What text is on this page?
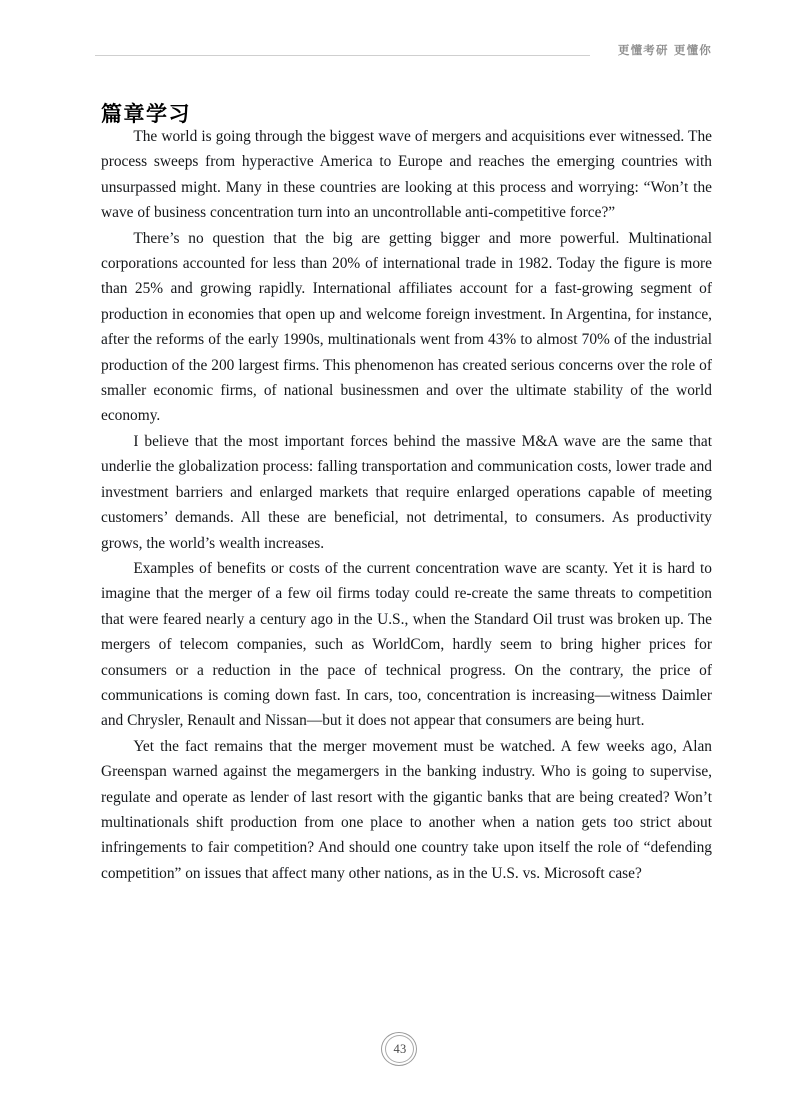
更懂考研 更懂你
篇章学习

The world is going through the biggest wave of mergers and acquisitions ever witnessed. The process sweeps from hyperactive America to Europe and reaches the emerging countries with unsurpassed might. Many in these countries are looking at this process and worrying: “Won’t the wave of business concentration turn into an uncontrollable anti-competitive force?”

There’s no question that the big are getting bigger and more powerful. Multinational corporations accounted for less than 20% of international trade in 1982. Today the figure is more than 25% and growing rapidly. International affiliates account for a fast-growing segment of production in economies that open up and welcome foreign investment. In Argentina, for instance, after the reforms of the early 1990s, multinationals went from 43% to almost 70% of the industrial production of the 200 largest firms. This phenomenon has created serious concerns over the role of smaller economic firms, of national businessmen and over the ultimate stability of the world economy.

I believe that the most important forces behind the massive M&A wave are the same that underlie the globalization process: falling transportation and communication costs, lower trade and investment barriers and enlarged markets that require enlarged operations capable of meeting customers’ demands. All these are beneficial, not detrimental, to consumers. As productivity grows, the world’s wealth increases.

Examples of benefits or costs of the current concentration wave are scanty. Yet it is hard to imagine that the merger of a few oil firms today could re-create the same threats to competition that were feared nearly a century ago in the U.S., when the Standard Oil trust was broken up. The mergers of telecom companies, such as WorldCom, hardly seem to bring higher prices for consumers or a reduction in the pace of technical progress. On the contrary, the price of communications is coming down fast. In cars, too, concentration is increasing—witness Daimler and Chrysler, Renault and Nissan—but it does not appear that consumers are being hurt.

Yet the fact remains that the merger movement must be watched. A few weeks ago, Alan Greenspan warned against the megamergers in the banking industry. Who is going to supervise, regulate and operate as lender of last resort with the gigantic banks that are being created? Won’t multinationals shift production from one place to another when a nation gets too strict about infringements to fair competition? And should one country take upon itself the role of “defending competition” on issues that affect many other nations, as in the U.S. vs. Microsoft case?

43
